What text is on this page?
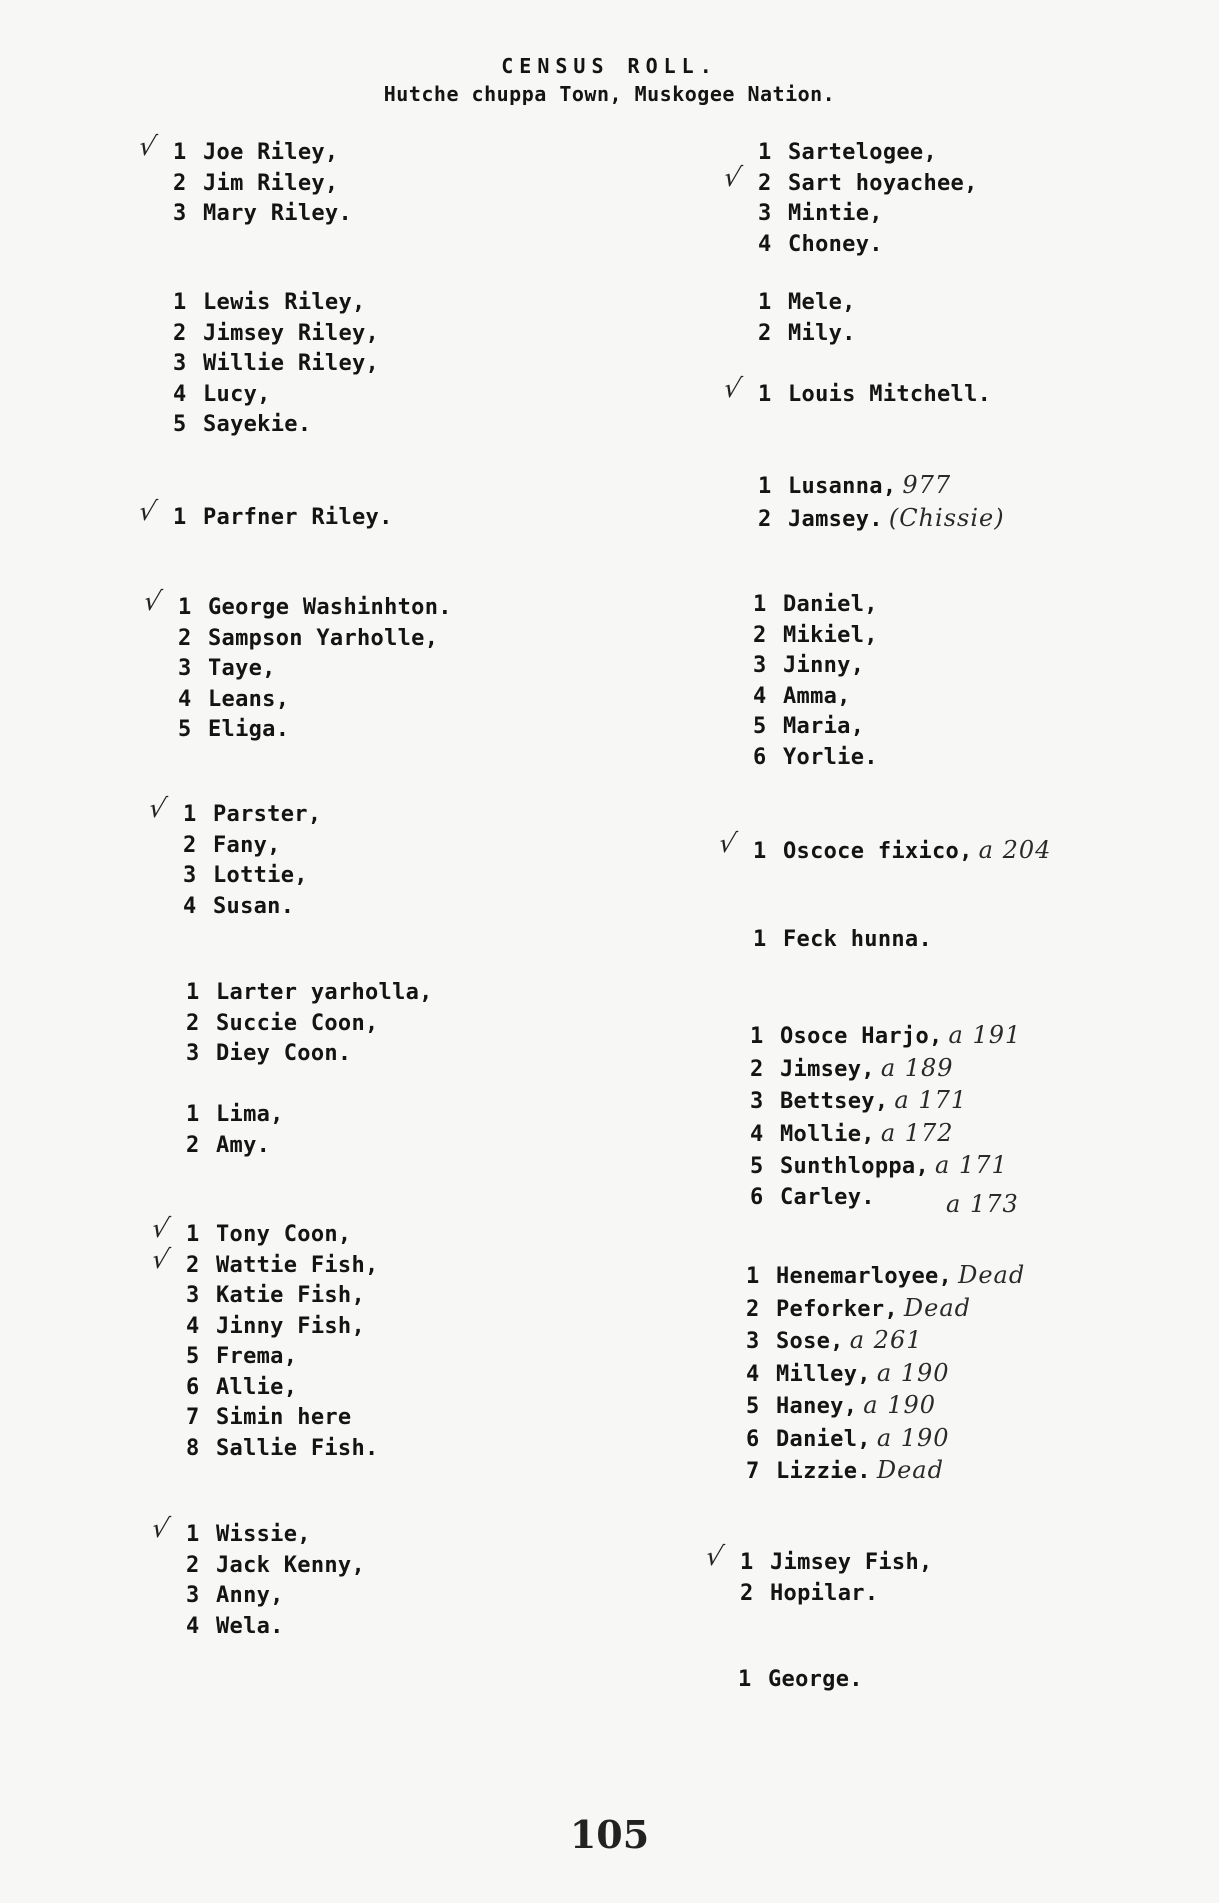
CENSUS ROLL.
Hutche chuppa Town, Muskogee Nation.
√ 1 Joe Riley,
2 Jim Riley,
3 Mary Riley.
1 Lewis Riley,
2 Jimsey Riley,
3 Willie Riley,
4 Lucy,
5 Sayekie.
√ 1 Parfner Riley.
√ 1 George Washinhton.
2 Sampson Yarholle,
3 Taye,
4 Leans,
5 Eliga.
√ 1 Parster,
2 Fany,
3 Lottie,
4 Susan.
1 Larter yarholla,
2 Succie Coon,
3 Diey Coon.
1 Lima,
2 Amy.
√ 1 Tony Coon,
√ 2 Wattie Fish,
3 Katie Fish,
4 Jinny Fish,
5 Frema,
6 Allie,
7 Simin here
8 Sallie Fish.
√ 1 Wissie,
2 Jack Kenny,
3 Anny,
4 Wela.
1 Sartelogee,
√ 2 Sart hoyachee,
3 Mintie,
4 Choney.
1 Mele,
2 Mily.
√ 1 Louis Mitchell.
1 Lusanna, 977
2 Jamsey. (Chissie)
1 Daniel,
2 Mikiel,
3 Jinny,
4 Amma,
5 Maria,
6 Yorlie.
√ 1 Oscoce fixico, a 204
1 Feck hunna.
1 Osoce Harjo, a 191
2 Jimsey, a 189
3 Bettsey, a 171
4 Mollie, a 172
5 Sunthloppa, a 171
6 Carley.	a 173
1 Henemarloyee, Dead
2 Peforker, Dead
3 Sose, a 261
4 Milley, a 190
5 Haney, a 190
6 Daniel, a 190
7 Lizzie. Dead
√ 1 Jimsey Fish,
2 Hopilar.
1 George.
105
